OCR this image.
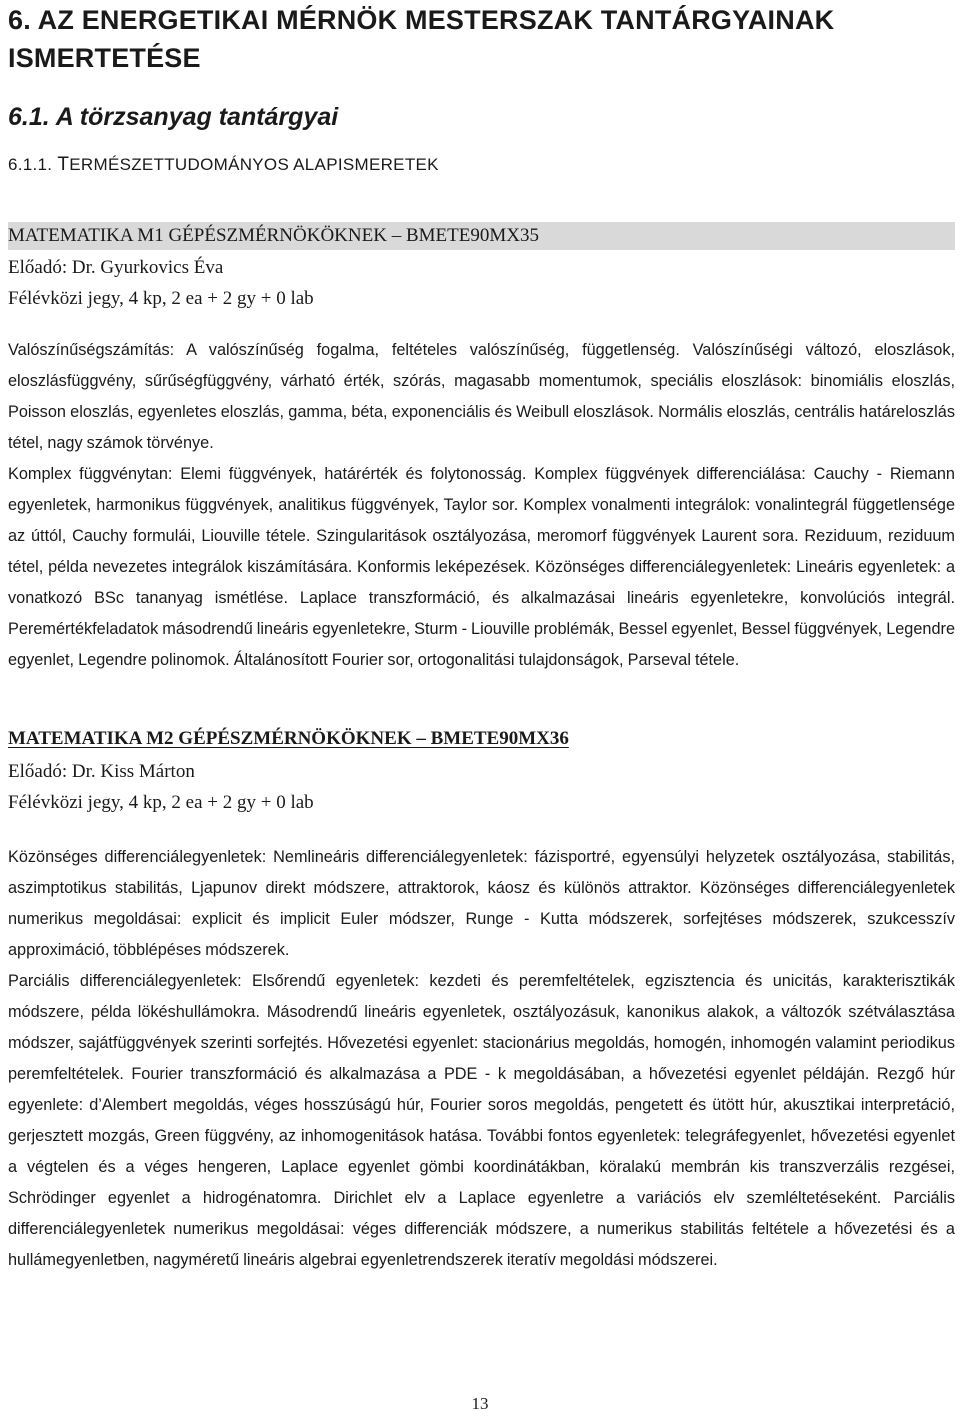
6. AZ ENERGETIKAI MÉRNÖK MESTERSZAK TANTÁRGYAINAK ISMERTETÉSE
6.1. A törzsanyag tantárgyai
6.1.1. TERMÉSZETTUDOMÁNYOS ALAPISMERETEK
MATEMATIKA M1 GÉPÉSZMÉRNÖKÖKNEK – BMETE90MX35

Előadó: Dr. Gyurkovics Éva

Félévközi jegy, 4 kp, 2 ea + 2 gy + 0 lab

Valószínűségszámítás: A valószínűség fogalma, feltételes valószínűség, függetlenség. Valószínűségi változó, eloszlások, eloszlásfüggvény, sűrűségfüggvény, várható érték, szórás, magasabb momentumok, speciális eloszlások: binomiális eloszlás, Poisson eloszlás, egyenletes eloszlás, gamma, béta, exponenciális és Weibull eloszlások. Normális eloszlás, centrális határeloszlás tétel, nagy számok törvénye.

Komplex függvénytan: Elemi függvények, határérték és folytonosság. Komplex függvények differenciálása: Cauchy ‐ Riemann egyenletek, harmonikus függvények, analitikus függvények, Taylor sor. Komplex vonalmenti integrálok: vonalintegrál függetlensége az úttól, Cauchy formulái, Liouville tétele. Szingularitások osztályozása, meromorf függvények Laurent sora. Reziduum, reziduum tétel, példa nevezetes integrálok kiszámítására. Konformis leképezések. Közönséges differenciálegyenletek: Lineáris egyenletek: a vonatkozó BSc tananyag ismétlése. Laplace transzformáció, és alkalmazásai lineáris egyenletekre, konvolúciós integrál. Peremértékfeladatok másodrendű lineáris egyenletekre, Sturm ‐ Liouville problémák, Bessel egyenlet, Bessel függvények, Legendre egyenlet, Legendre polinomok. Általánosított Fourier sor, ortogonalitási tulajdonságok, Parseval tétele.

MATEMATIKA M2 GÉPÉSZMÉRNÖKÖKNEK – BMETE90MX36

Előadó: Dr. Kiss Márton

Félévközi jegy, 4 kp, 2 ea + 2 gy + 0 lab

Közönséges differenciálegyenletek: Nemlineáris differenciálegyenletek: fázisportré, egyensúlyi helyzetek osztályozása, stabilitás, aszimptotikus stabilitás, Ljapunov direkt módszere, attraktorok, káosz és különös attraktor. Közönséges differenciálegyenletek numerikus megoldásai: explicit és implicit Euler módszer, Runge ‐ Kutta módszerek, sorfejtéses módszerek, szukcesszív approximáció, többlépéses módszerek.

Parciális differenciálegyenletek: Elsőrendű egyenletek: kezdeti és peremfeltételek, egzisztencia és unicitás, karakterisztikák módszere, példa lökéshullámokra. Másodrendű lineáris egyenletek, osztályozásuk, kanonikus alakok, a változók szétválasztása módszer, sajátfüggvények szerinti sorfejtés. Hővezetési egyenlet: stacionárius megoldás, homogén, inhomogén valamint periodikus peremfeltételek. Fourier transzformáció és alkalmazása a PDE ‐ k megoldásában, a hővezetési egyenlet példáján. Rezgő húr egyenlete: d’Alembert megoldás, véges hosszúságú húr, Fourier soros megoldás, pengetett és ütött húr, akusztikai interpretáció, gerjesztett mozgás, Green függvény, az inhomogenitások hatása. További fontos egyenletek: telegráfegyenlet, hővezetési egyenlet a végtelen és a véges hengeren, Laplace egyenlet gömbi koordinátákban, köralakú membrán kis transzverzális rezgései, Schrödinger egyenlet a hidrogénatomra. Dirichlet elv a Laplace egyenletre a variációs elv szemléltetéseként. Parciális differenciálegyenletek numerikus megoldásai: véges differenciák módszere, a numerikus stabilitás feltétele a hővezetési és a hullámegyenletben, nagyméretű lineáris algebrai egyenletrendszerek iteratív megoldási módszerei.

13
